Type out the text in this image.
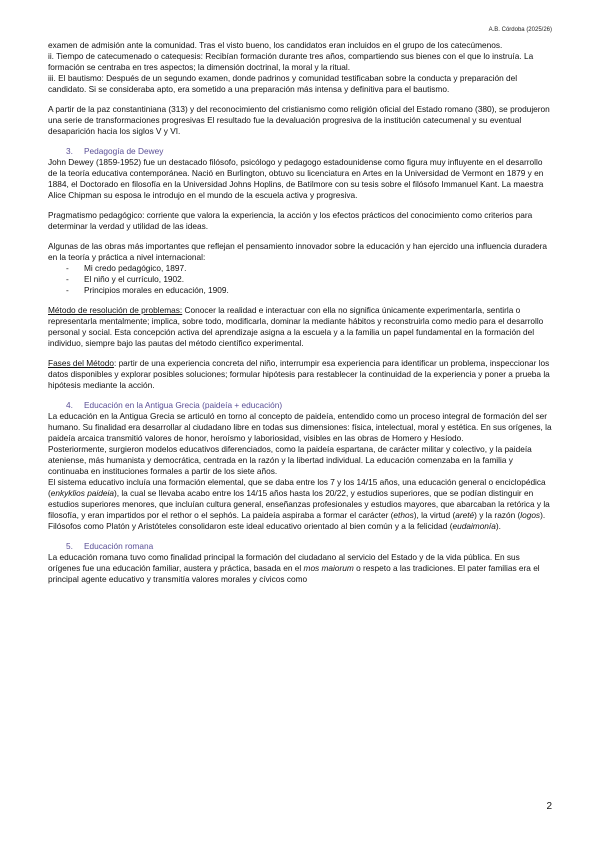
A.B. Córdoba (2025/26)

examen de admisión ante la comunidad. Tras el visto bueno, los candidatos eran incluidos en el grupo de los catecúmenos.

ii. Tiempo de catecumenado o catequesis: Recibían formación durante tres años, compartiendo sus bienes con el que lo instruía. La formación se centraba en tres aspectos; la dimensión doctrinal, la moral y la ritual.

iii. El bautismo: Después de un segundo examen, donde padrinos y comunidad testificaban sobre la conducta y preparación del candidato. Si se consideraba apto, era sometido a una preparación más intensa y definitiva para el bautismo.

A partir de la paz constantiniana (313) y del reconocimiento del cristianismo como religión oficial del Estado romano (380), se produjeron una serie de transformaciones progresivas El resultado fue la devaluación progresiva de la institución catecumenal y su eventual desaparición hacia los siglos V y VI.

3. Pedagogía de Dewey

John Dewey (1859-1952) fue un destacado filósofo, psicólogo y pedagogo estadounidense como figura muy influyente en el desarrollo de la teoría educativa contemporánea. Nació en Burlington, obtuvo su licenciatura en Artes en la Universidad de Vermont en 1879 y en 1884, el Doctorado en filosofía en la Universidad Johns Hoplins, de Batilmore con su tesis sobre el filósofo Immanuel Kant. La maestra Alice Chipman su esposa le introdujo en el mundo de la escuela activa y progresiva.

Pragmatismo pedagógico: corriente que valora la experiencia, la acción y los efectos prácticos del conocimiento como criterios para determinar la verdad y utilidad de las ideas.

Algunas de las obras más importantes que reflejan el pensamiento innovador sobre la educación y han ejercido una influencia duradera en la teoría y práctica a nivel internacional:

- Mi credo pedagógico, 1897.
- El niño y el currículo, 1902.
- Principios morales en educación, 1909.

Método de resolución de problemas: Conocer la realidad e interactuar con ella no significa únicamente experimentarla, sentirla o representarla mentalmente; implica, sobre todo, modificarla, dominar la mediante hábitos y reconstruirla como medio para el desarrollo personal y social. Esta concepción activa del aprendizaje asigna a la escuela y a la familia un papel fundamental en la formación del individuo, siempre bajo las pautas del método científico experimental.

Fases del Método: partir de una experiencia concreta del niño, interrumpir esa experiencia para identificar un problema, inspeccionar los datos disponibles y explorar posibles soluciones; formular hipótesis para restablecer la continuidad de la experiencia y poner a prueba la hipótesis mediante la acción.

4. Educación en la Antigua Grecia (paideía + educación)

La educación en la Antigua Grecia se articuló en torno al concepto de paideía, entendido como un proceso integral de formación del ser humano. Su finalidad era desarrollar al ciudadano libre en todas sus dimensiones: física, intelectual, moral y estética. En sus orígenes, la paideía arcaica transmitió valores de honor, heroísmo y laboriosidad, visibles en las obras de Homero y Hesíodo.

Posteriormente, surgieron modelos educativos diferenciados, como la paideía espartana, de carácter militar y colectivo, y la paideía ateniense, más humanista y democrática, centrada en la razón y la libertad individual. La educación comenzaba en la familia y continuaba en instituciones formales a partir de los siete años.

El sistema educativo incluía una formación elemental, que se daba entre los 7 y los 14/15 años, una educación general o enciclopédica (enkyklios paideia), la cual se llevaba acabo entre los 14/15 años hasta los 20/22, y estudios superiores, que se podían distinguir en estudios superiores menores, que incluían cultura general, enseñanzas profesionales y estudios mayores, que abarcaban la retórica y la filosofía, y eran impartidos por el rethor o el sephós. La paideía aspiraba a formar el carácter (ethos), la virtud (areté) y la razón (logos). Filósofos como Platón y Aristóteles consolidaron este ideal educativo orientado al bien común y a la felicidad (eudaimonía).

5. Educación romana

La educación romana tuvo como finalidad principal la formación del ciudadano al servicio del Estado y de la vida pública. En sus orígenes fue una educación familiar, austera y práctica, basada en el mos maiorum o respeto a las tradiciones. El pater familias era el principal agente educativo y transmitía valores morales y cívicos como

2
